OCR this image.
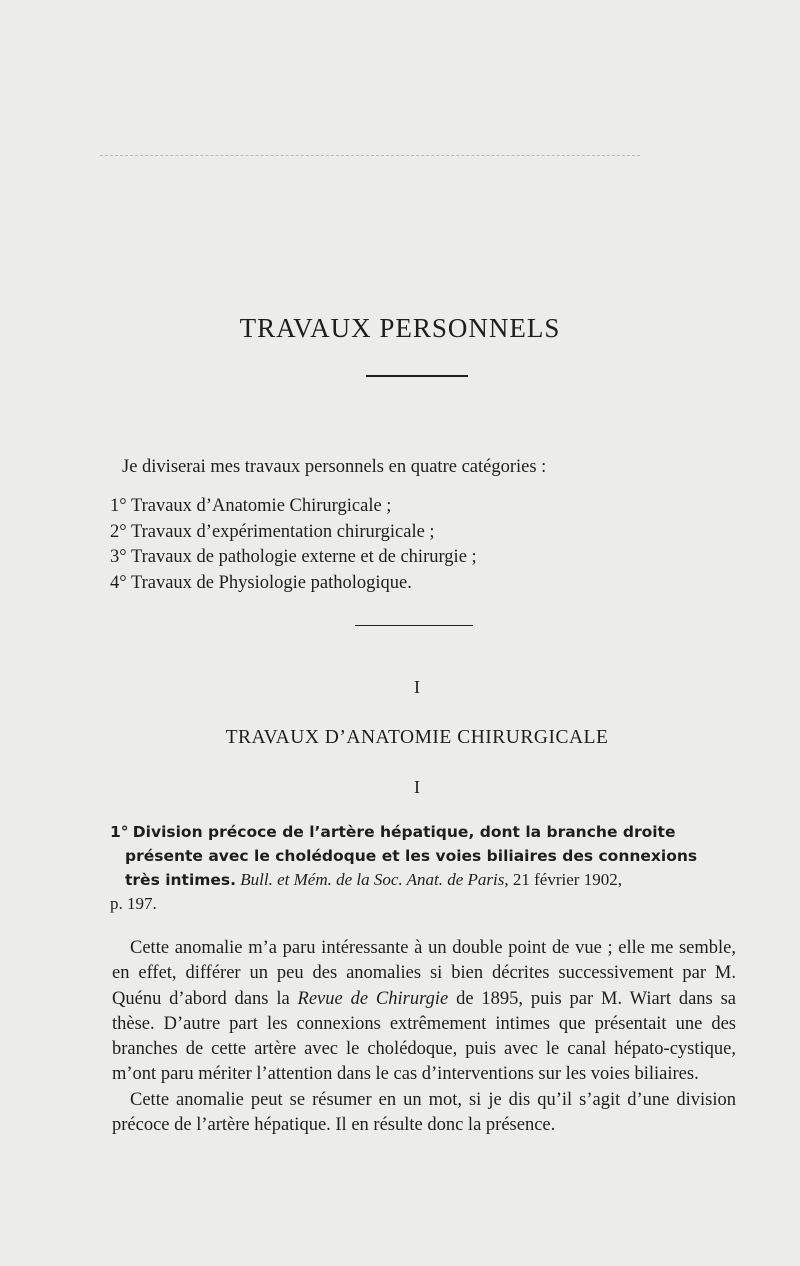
TRAVAUX PERSONNELS
Je diviserai mes travaux personnels en quatre catégories :
1° Travaux d’Anatomie Chirurgicale ;
2° Travaux d’expérimentation chirurgicale ;
3° Travaux de pathologie externe et de chirurgie ;
4° Travaux de Physiologie pathologique.
I
TRAVAUX D’ANATOMIE CHIRURGICALE
I
1° Division précoce de l’artère hépatique, dont la branche droite
présente avec le cholédoque et les voies biliaires des connexions
très intimes. Bull. et Mém. de la Soc. Anat. de Paris, 21 février 1902,
p. 197.

Cette anomalie m’a paru intéressante à un double point de vue ; elle me semble, en effet, différer un peu des anomalies si bien décrites successivement par M. Quénu d’abord dans la Revue de Chirurgie de 1895, puis par M. Wiart dans sa thèse. D’autre part les connexions extrêmement intimes que présentait une des branches de cette artère avec le cholédoque, puis avec le canal hépato-cystique, m’ont paru mériter l’attention dans le cas d’interventions sur les voies biliaires.

Cette anomalie peut se résumer en un mot, si je dis qu’il s’agit d’une division précoce de l’artère hépatique. Il en résulte donc la présence.
